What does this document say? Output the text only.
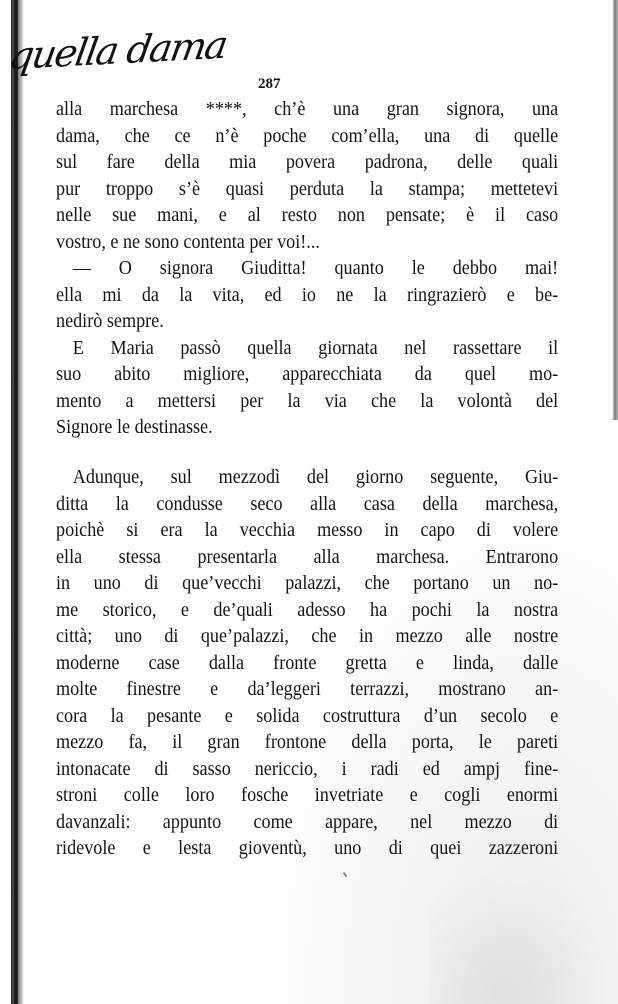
quella dama
287
alla marchesa ****, ch’è una gran signora, una
dama, che ce n’è poche com’ella, una di quelle
sul fare della mia povera padrona, delle quali
pur troppo s’è quasi perduta la stampa; mettetevi
nelle sue mani, e al resto non pensate; è il caso
vostro, e ne sono contenta per voi!...
— O signora Giuditta! quanto le debbo mai!
ella mi da la vita, ed io ne la ringrazierò e be-
nedirò sempre.
E Maria passò quella giornata nel rassettare il
suo abito migliore, apparecchiata da quel mo-
mento a mettersi per la via che la volontà del
Signore le destinasse.
Adunque, sul mezzodì del giorno seguente, Giu-
ditta la condusse seco alla casa della marchesa,
poichè si era la vecchia messo in capo di volere
ella stessa presentarla alla marchesa. Entrarono
in uno di que’vecchi palazzi, che portano un no-
me storico, e de’quali adesso ha pochi la nostra
città; uno di que’palazzi, che in mezzo alle nostre
moderne case dalla fronte gretta e linda, dalle
molte finestre e da’leggeri terrazzi, mostrano an-
cora la pesante e solida costruttura d’un secolo e
mezzo fa, il gran frontone della porta, le pareti
intonacate di sasso nericcio, i radi ed ampj fine-
stroni colle loro fosche invetriate e cogli enormi
davanzali: appunto come appare, nel mezzo di
ridevole e lesta gioventù, uno di quei zazzeroni
